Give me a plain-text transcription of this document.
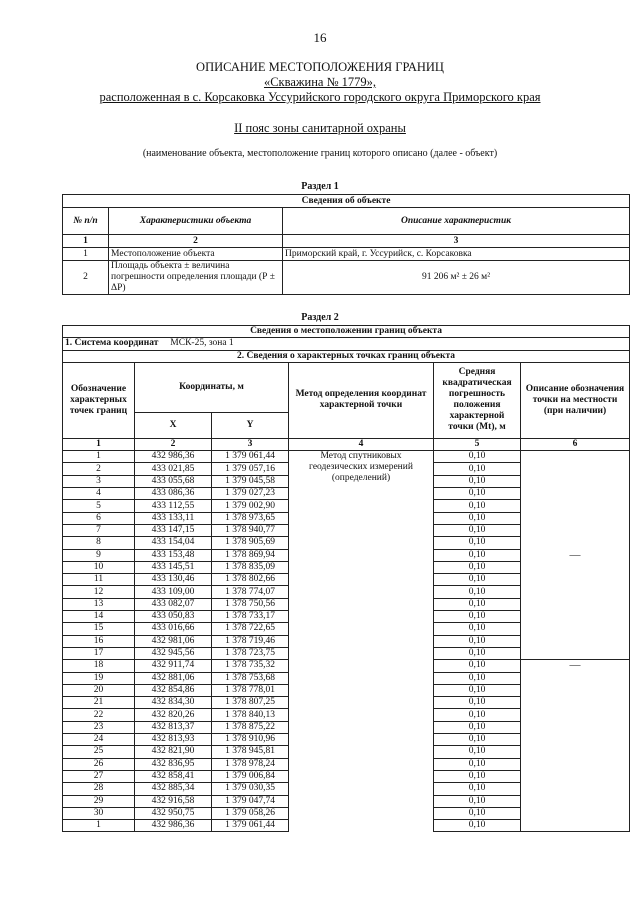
16
ОПИСАНИЕ МЕСТОПОЛОЖЕНИЯ ГРАНИЦ
«Скважина № 1779»,
расположенная в с. Корсаковка Уссурийского городского округа Приморского края
II пояс зоны санитарной охраны
(наименование объекта, местоположение границ которого описано (далее - объект)
Раздел 1
Сведения об объекте		
№ п/п	Характеристики объекта	Описание характеристик
1	2	3
1	Местоположение объекта	Приморский край, г. Уссурийск, с. Корсаковка
2	Площадь объекта ± величина погрешности определения площади (Р ± ΔР)	91 206 м² ± 26 м²
Раздел 2
Сведения о местоположении границ объекта					
1. Система координат МСК-25, зона 1					
2. Сведения о характерных точках границ объекта					
Обозначение характерных точек границ	Координаты, м		Метод определения координат характерной точки	Средняя квадратическая погрешность положения характерной точки (Mt), м	Описание обозначения точки на местности (при наличии)
	X	Y			
1	2	3	4	5	6
1	432 986,36	1 379 061,44	Метод спутниковых геодезических измерений (определений)	0,10	—
2	433 021,85	1 379 057,16		0,10	
3	433 055,68	1 379 045,58		0,10	
4	433 086,36	1 379 027,23		0,10	
5	433 112,55	1 379 002,90		0,10	
6	433 133,11	1 378 973,65		0,10	
7	433 147,15	1 378 940,77		0,10	
8	433 154,04	1 378 905,69		0,10	
9	433 153,48	1 378 869,94		0,10	
10	433 145,51	1 378 835,09		0,10	
11	433 130,46	1 378 802,66		0,10	
12	433 109,00	1 378 774,07		0,10	
13	433 082,07	1 378 750,56		0,10	
14	433 050,83	1 378 733,17		0,10	
15	433 016,66	1 378 722,65		0,10	
16	432 981,06	1 378 719,46		0,10	
17	432 945,56	1 378 723,75		0,10	
18	432 911,74	1 378 735,32		0,10	—
19	432 881,06	1 378 753,68		0,10	
20	432 854,86	1 378 778,01		0,10	
21	432 834,30	1 378 807,25		0,10	
22	432 820,26	1 378 840,13		0,10	
23	432 813,37	1 378 875,22		0,10	
24	432 813,93	1 378 910,96		0,10	
25	432 821,90	1 378 945,81		0,10	
26	432 836,95	1 378 978,24		0,10	
27	432 858,41	1 379 006,84		0,10	
28	432 885,34	1 379 030,35		0,10	
29	432 916,58	1 379 047,74		0,10	
30	432 950,75	1 379 058,26		0,10	
1	432 986,36	1 379 061,44		0,10	
